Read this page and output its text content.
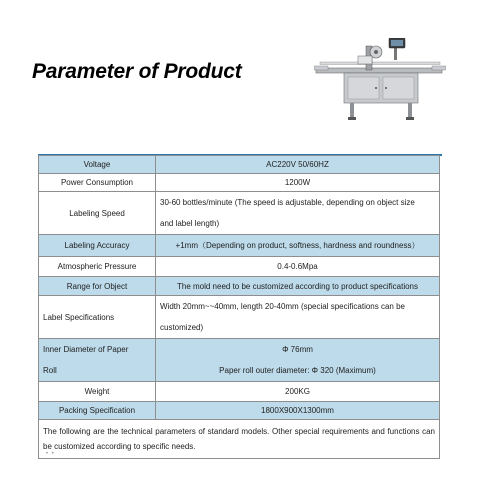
Parameter of Product
Voltage	AC220V 50/60HZ
Power Consumption	1200W
Labeling Speed	30-60 bottles/minute (The speed is adjustable, depending on object size
and label length)

Labeling Accuracy	+1mm（Depending on product, softness, hardness and roundness）
Atmospheric Pressure	0.4-0.6Mpa
Range for Object	The mold need to be customized according to product specifications
Label Specifications	Width 20mm~~40mm, length 20-40mm (special specifications can be
customized)

Inner Diameter of Paper
Roll	Φ 76mm
Paper roll outer diameter: Φ 320 (Maximum)

Weight	200KG
Packing Specification	1800X900X1300mm
The following are the technical parameters of standard models. Other special requirements and functions can be customized according to specific needs.	
• •
